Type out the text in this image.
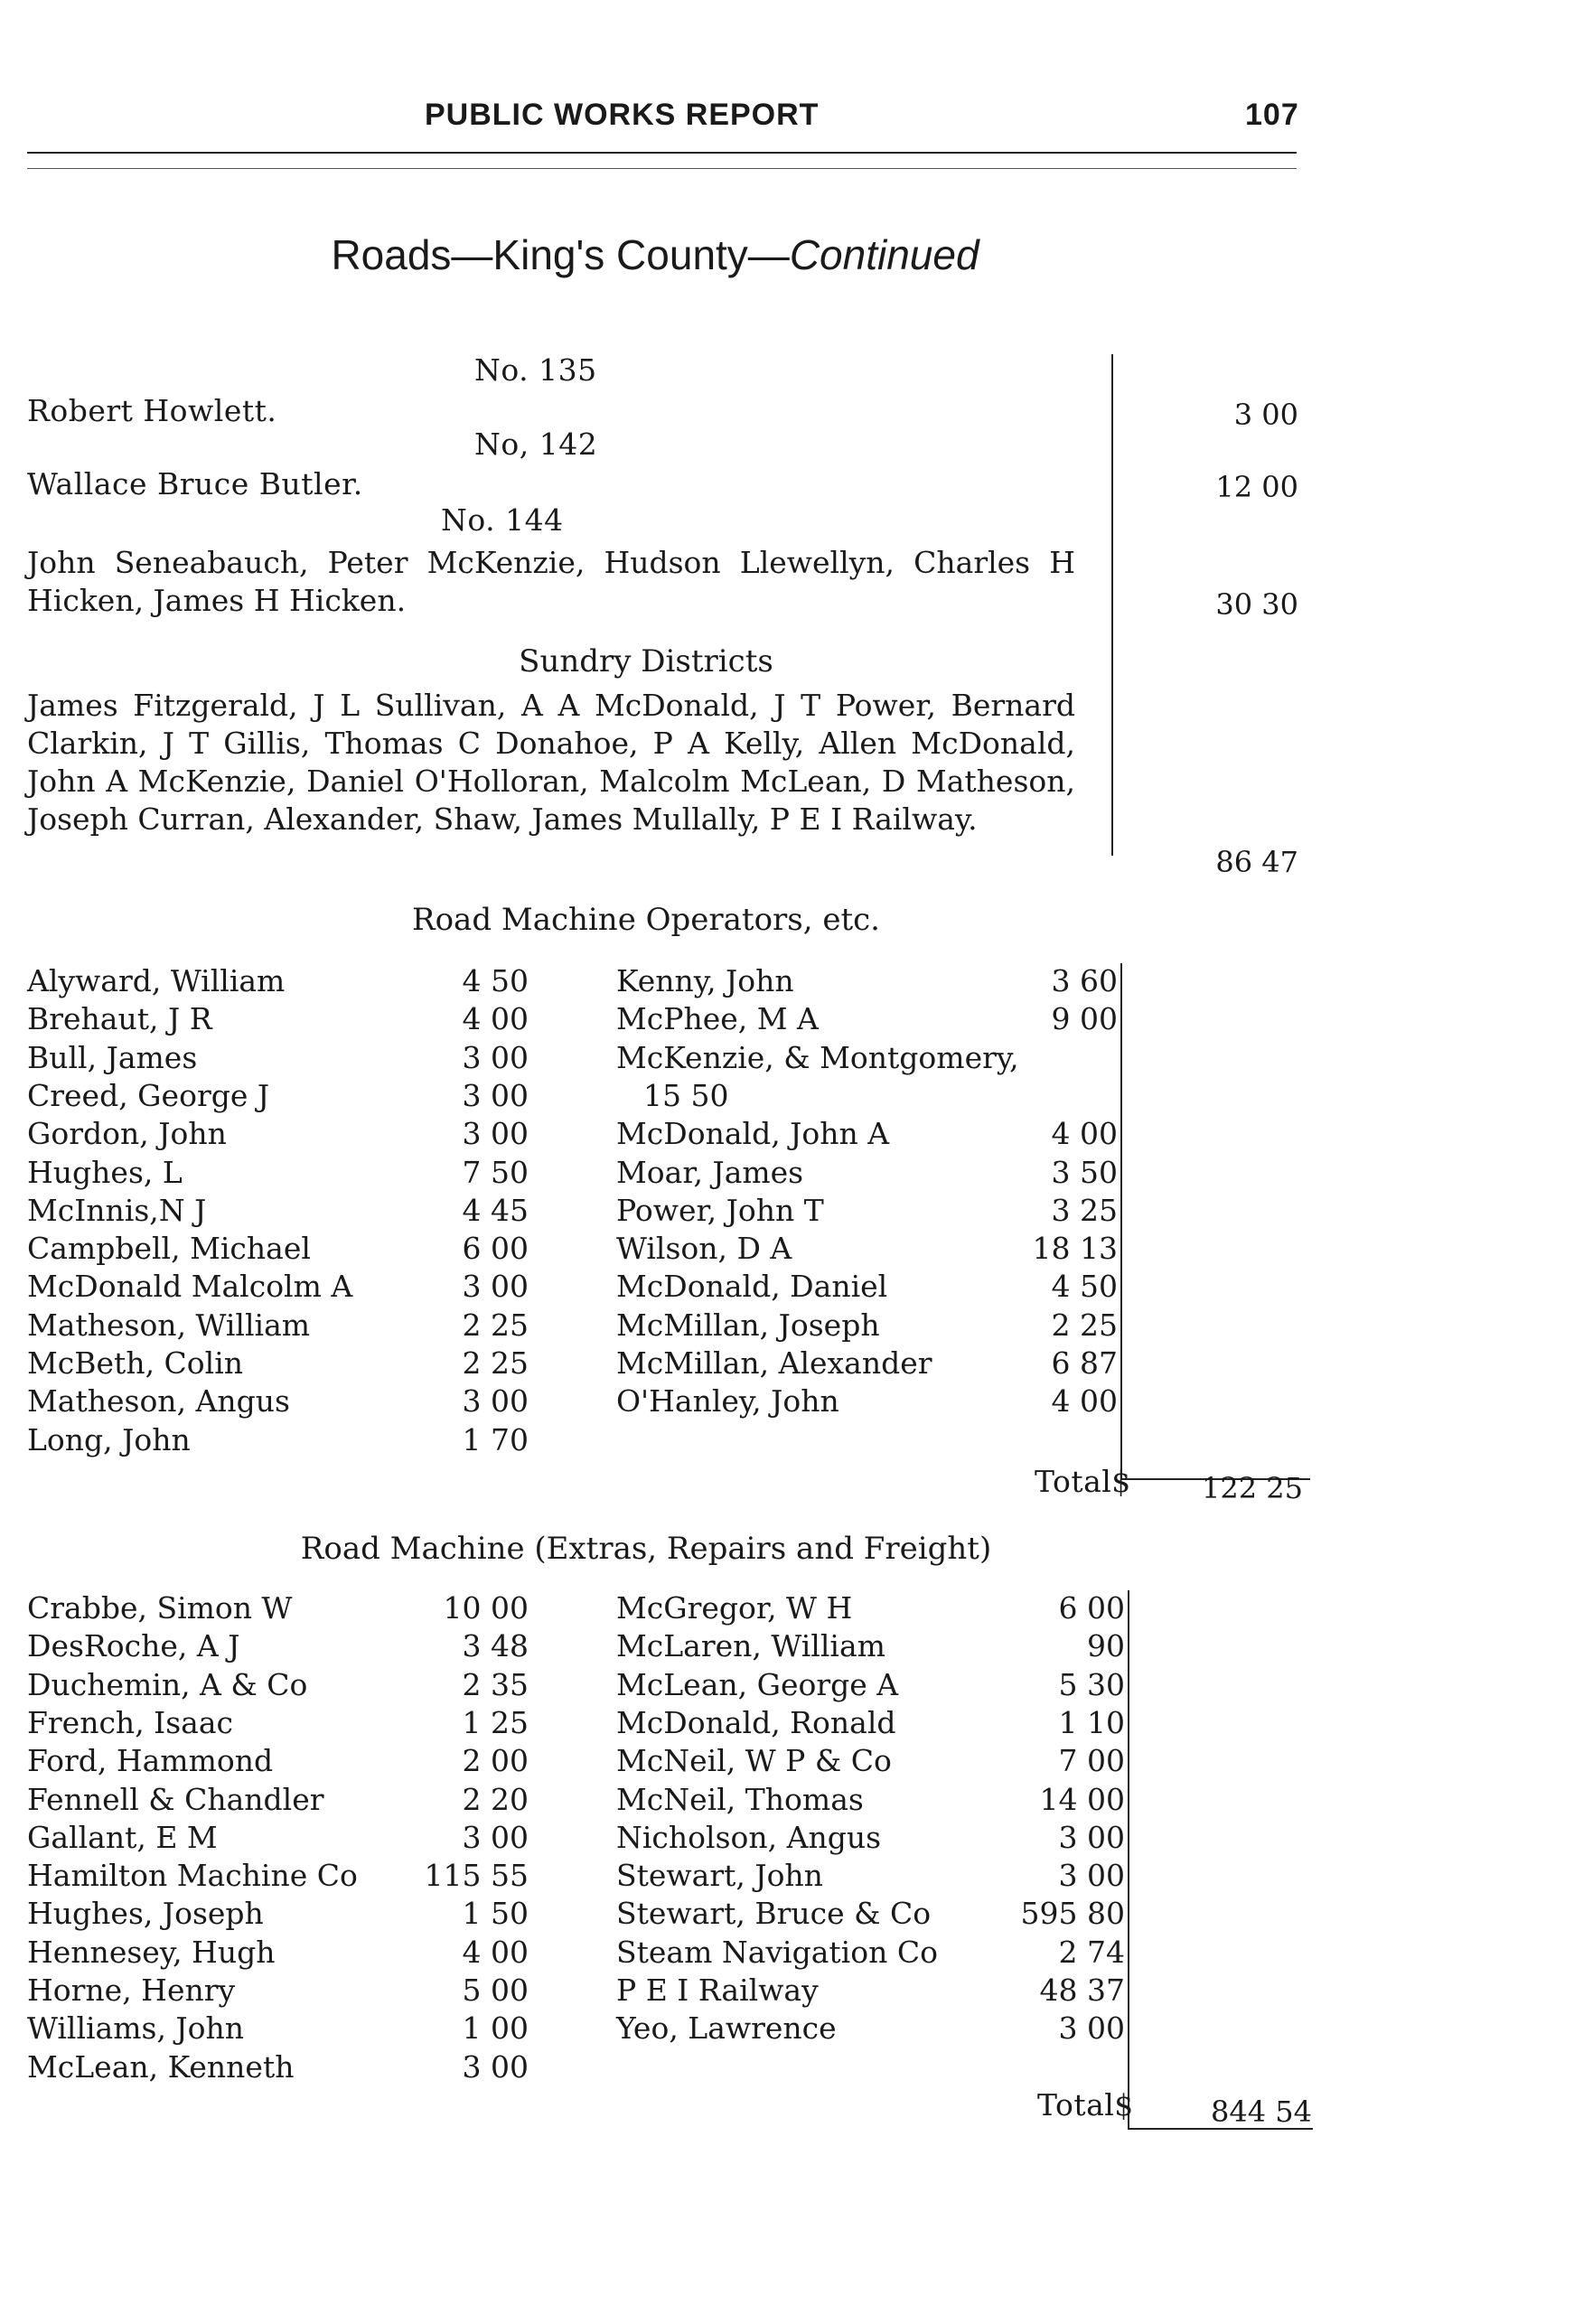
PUBLIC WORKS REPORT	107
Roads—King's County—Continued
No. 135
Robert Howlett.	3 00
No, 142
Wallace Bruce Butler.	12 00
No. 144
John Seneabauch, Peter McKenzie, Hudson Llewellyn, Charles H Hicken, James H Hicken.	30 30
Sundry Districts
James Fitzgerald, J L Sullivan, A A McDonald, J T Power, Bernard Clarkin, J T Gillis, Thomas C Donahoe, P A Kelly, Allen McDonald, John A McKenzie, Daniel O'Holloran, Malcolm McLean, D Matheson, Joseph Curran, Alexander, Shaw, James Mullally, P E I Railway.
86 47
Road Machine Operators, etc.
Alyward, William	4 50
Brehaut, J R	4 00
Bull, James	3 00
Creed, George J	3 00
Gordon, John	3 00
Hughes, L	7 50
McInnis,N J	4 45
Campbell, Michael	6 00
McDonald Malcolm A	3 00
Matheson, William	2 25
McBeth, Colin	2 25
Matheson, Angus	3 00
Long, John	1 70
Kenny, John	3 60
McPhee, M A	9 00
McKenzie, & Montgomery,
15 50
McDonald, John A	4 00
Moar, James	3 50
Power, John T	3 25
Wilson, D A	18 13
McDonald, Daniel	4 50
McMillan, Joseph	2 25
McMillan, Alexander	6 87
O'Hanley, John	4 00
Total$ 122 25
Road Machine (Extras, Repairs and Freight)
Crabbe, Simon W	10 00
DesRoche, A J	3 48
Duchemin, A & Co	2 35
French, Isaac	1 25
Ford, Hammond	2 00
Fennell & Chandler	2 20
Gallant, E M	3 00
Hamilton Machine Co 115 55
Hughes, Joseph	1 50
Hennesey, Hugh	4 00
Horne, Henry	5 00
Williams, John	1 00
McLean, Kenneth	3 00
McGregor, W H	6 00
McLaren, William	90
McLean, George A	5 30
McDonald, Ronald	1 10
McNeil, W P & Co	7 00
McNeil, Thomas	14 00
Nicholson, Angus	3 00
Stewart, John	3 00
Stewart, Bruce & Co	595 80
Steam Navigation Co	2 74
P E I Railway	48 37
Yeo, Lawrence	3 00
Total$	844 54
